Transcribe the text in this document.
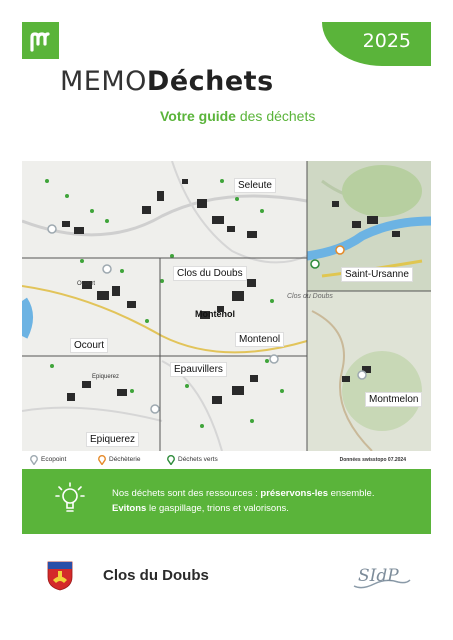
2025
MEMODéchets
Votre guide des déchets
Seleute
Clos du Doubs	Saint-Ursanne
Ocourt
Montenol
Epauvillers
Montmelon
Epiquerez
Montenol
Clos du Doubs
Epiquerez
Ocourt
Ecopoint	Déchèterie	Déchets verts	Données swisstopo 07.2024
Nos déchets sont des ressources : préservons-les ensemble.
Evitons le gaspillage, trions et valorisons.
Clos du Doubs	SIdP
